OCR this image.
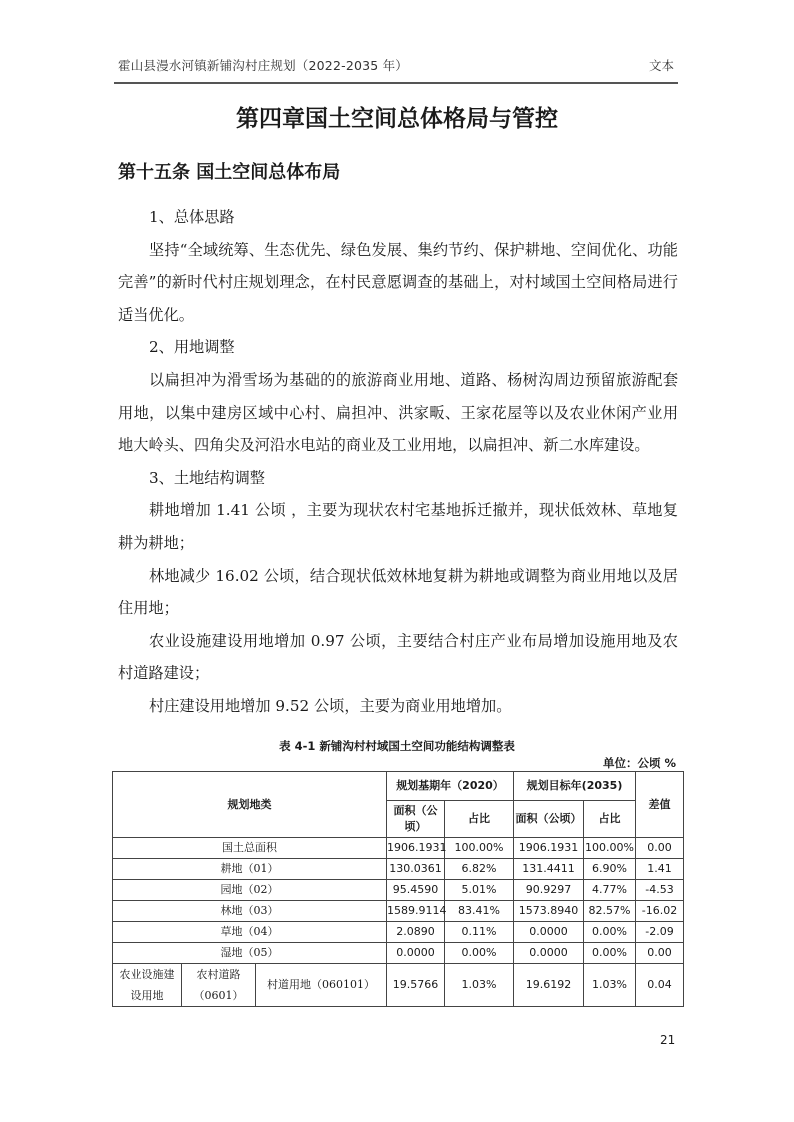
霍山县漫水河镇新铺沟村庄规划（2022-2035 年）	文本
第四章国土空间总体格局与管控
第十五条 国土空间总体布局

1、总体思路

坚持“全域统筹、生态优先、绿色发展、集约节约、保护耕地、空间优化、功能完善”的新时代村庄规划理念，在村民意愿调查的基础上，对村域国土空间格局进行适当优化。

2、用地调整

以扁担冲为滑雪场为基础的的旅游商业用地、道路、杨树沟周边预留旅游配套用地，以集中建房区域中心村、扁担冲、洪家畈、王家花屋等以及农业休闲产业用地大岭头、四角尖及河沿水电站的商业及工业用地，以扁担冲、新二水库建设。

3、土地结构调整

耕地增加 1.41 公顷 ，主要为现状农村宅基地拆迁撤并，现状低效林、草地复耕为耕地；

林地减少 16.02 公顷，结合现状低效林地复耕为耕地或调整为商业用地以及居住用地；

农业设施建设用地增加 0.97 公顷，主要结合村庄产业布局增加设施用地及农村道路建设；

村庄建设用地增加 9.52 公顷，主要为商业用地增加。

表 4-1 新铺沟村村域国土空间功能结构调整表
单位：公顷 %
规划地类			规划基期年（2020）		规划目标年(2035)		差值
			面积（公顷）	占比	面积（公顷）	占比	
国土总面积			1906.1931	100.00%	1906.1931	100.00%	0.00
耕地（01）			130.0361	6.82%	131.4411	6.90%	1.41
园地（02）			95.4590	5.01%	90.9297	4.77%	-4.53
林地（03）			1589.9114	83.41%	1573.8940	82.57%	-16.02
草地（04）			2.0890	0.11%	0.0000	0.00%	-2.09
湿地（05）			0.0000	0.00%	0.0000	0.00%	0.00
农业设施建设用地	农村道路（0601）	村道用地（060101）	19.5766	1.03%	19.6192	1.03%	0.04
21
